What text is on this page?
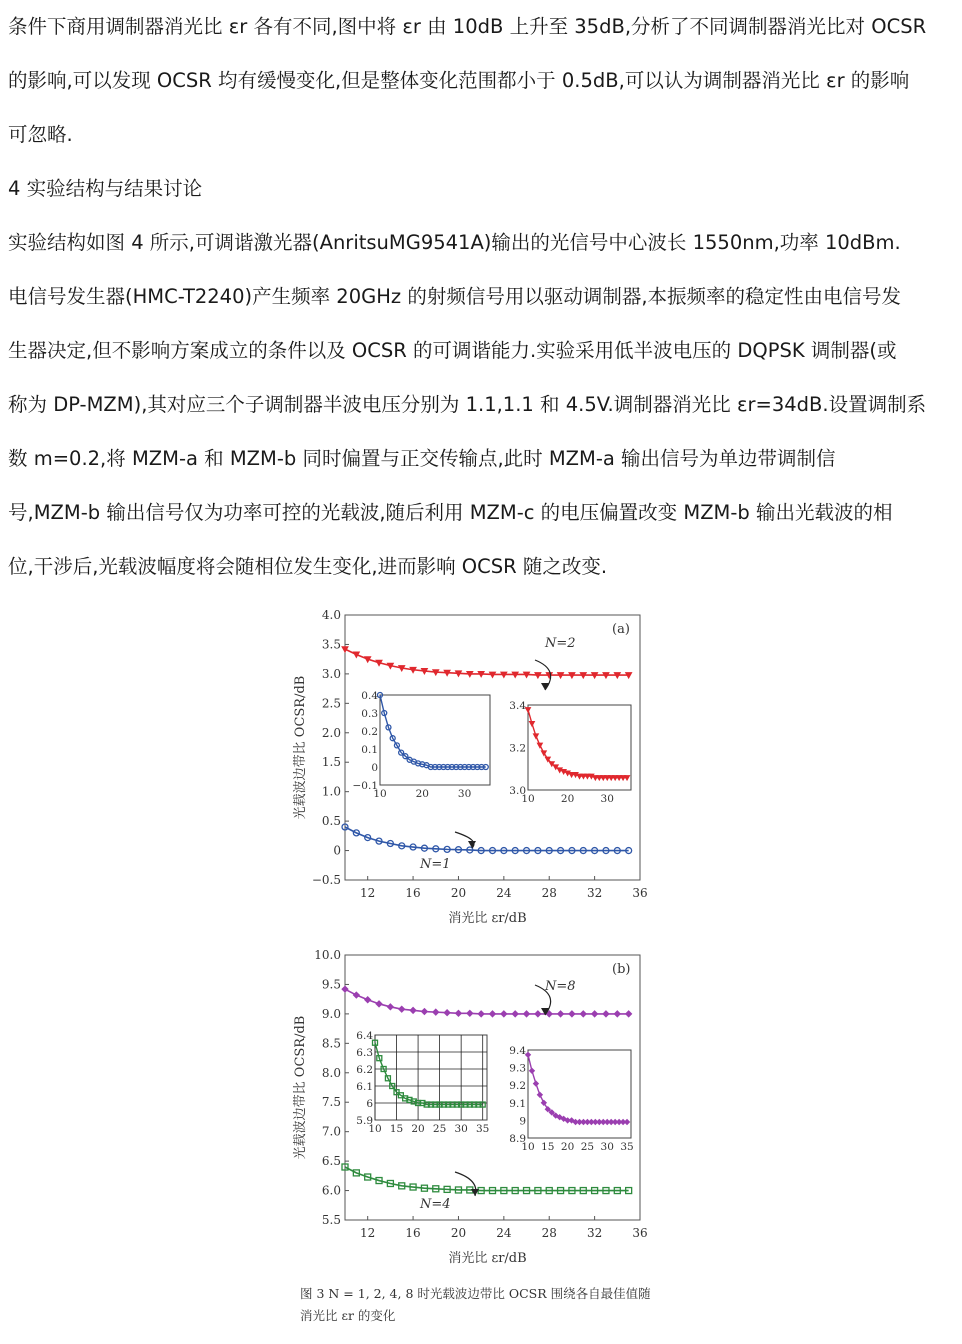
条件下商用调制器消光比 εr 各有不同,图中将 εr 由 10dB 上升至 35dB,分析了不同调制器消光比对 OCSR
的影响,可以发现 OCSR 均有缓慢变化,但是整体变化范围都小于 0.5dB,可以认为调制器消光比 εr 的影响
可忽略.
4 实验结构与结果讨论
实验结构如图 4 所示,可调谐激光器(AnritsuMG9541A)输出的光信号中心波长 1550nm,功率 10dBm.
电信号发生器(HMC-T2240)产生频率 20GHz 的射频信号用以驱动调制器,本振频率的稳定性由电信号发
生器决定,但不影响方案成立的条件以及 OCSR 的可调谐能力.实验采用低半波电压的 DQPSK 调制器(或
称为 DP-MZM),其对应三个子调制器半波电压分别为 1.1,1.1 和 4.5V.调制器消光比 εr=34dB.设置调制系
数 m=0.2,将 MZM-a 和 MZM-b 同时偏置与正交传输点,此时 MZM-a 输出信号为单边带调制信
号,MZM-b 输出信号仅为功率可控的光载波,随后利用 MZM-c 的电压偏置改变 MZM-b 输出光载波的相
位,干涉后,光载波幅度将会随相位发生变化,进而影响 OCSR 随之改变.
4.0
3.5
3.0
2.5
2.0
1.5
1.0
0.5
0
−0.5
12	16	20	24	28	32	36
消光比 εr/dB
光载波边带比 OCSR/dB	0.4
0.3
0.2
0.1
0
−0.1
10	20	30
3.4
3.2
3.0
10 20 30
N=2
N=1
(a)
10.0
9.5
9.0
8.5
8.0
7.5
7.0
6.5
6.0
5.5
12	16	20	24	28	32	36
消光比 εr/dB
光载波边带比 OCSR/dB	6.4
6.3
6.2
6.1
6
5.9
10 15 20 25 30 35
9.4
9.3
9.2
9.1
9
8.9
10 15 20 25 30 35
N=8
N=4
(b)
图 3 N = 1, 2, 4, 8 时光载波边带比 OCSR 围绕各自最佳值随
消光比 εr 的变化
